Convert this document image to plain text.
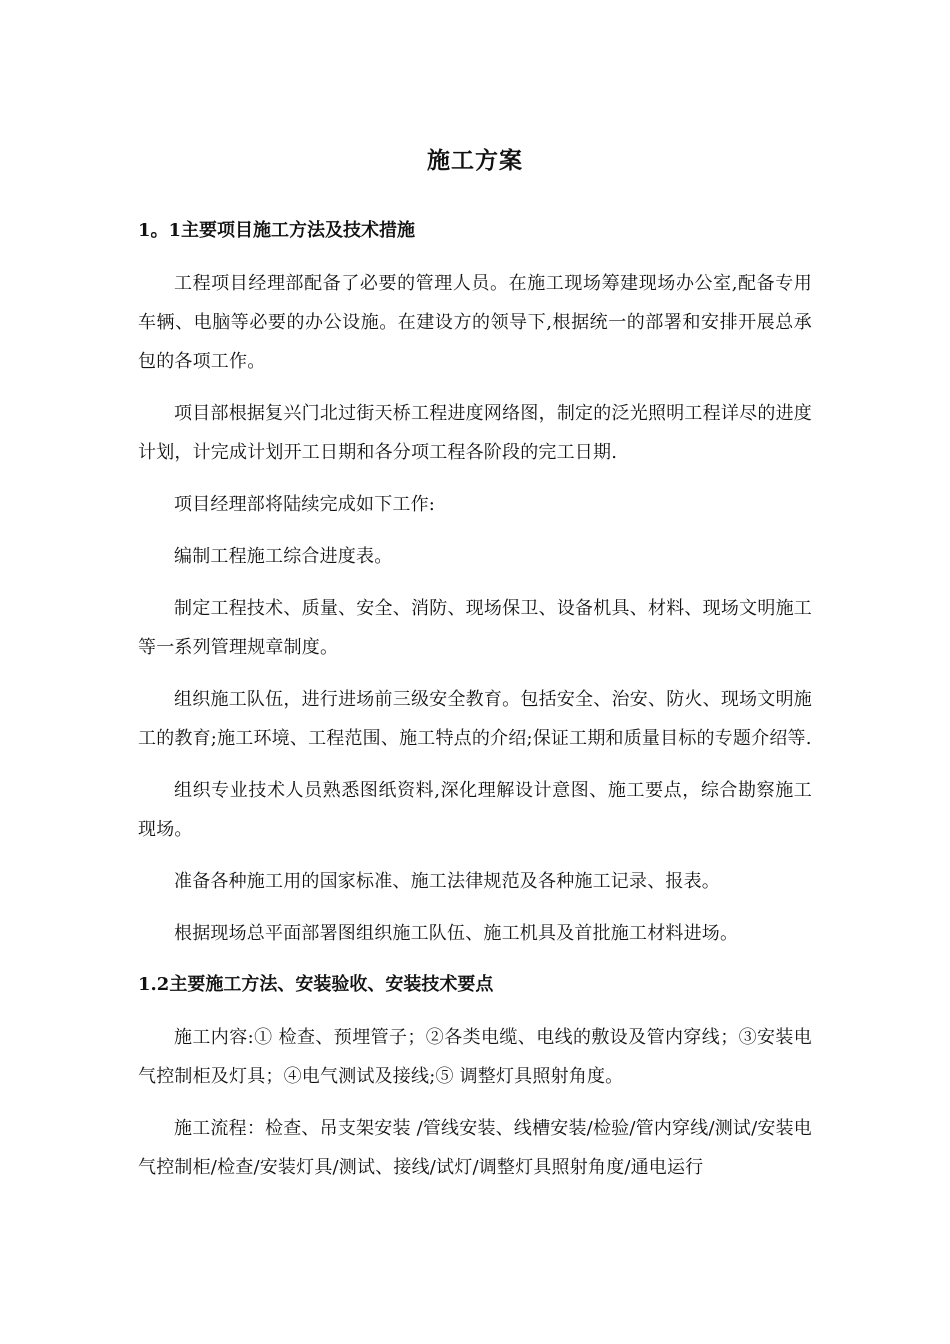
施工方案
1。1主要项目施工方法及技术措施

工程项目经理部配备了必要的管理人员。在施工现场筹建现场办公室,配备专用车辆、电脑等必要的办公设施。在建设方的领导下,根据统一的部署和安排开展总承包的各项工作。

项目部根据复兴门北过街天桥工程进度网络图，制定的泛光照明工程详尽的进度计划，计完成计划开工日期和各分项工程各阶段的完工日期.

项目经理部将陆续完成如下工作:

编制工程施工综合进度表。

制定工程技术、质量、安全、消防、现场保卫、设备机具、材料、现场文明施工等一系列管理规章制度。

组织施工队伍，进行进场前三级安全教育。包括安全、治安、防火、现场文明施工的教育;施工环境、工程范围、施工特点的介绍;保证工期和质量目标的专题介绍等.

组织专业技术人员熟悉图纸资料,深化理解设计意图、施工要点，综合勘察施工现场。

准备各种施工用的国家标准、施工法律规范及各种施工记录、报表。

根据现场总平面部署图组织施工队伍、施工机具及首批施工材料进场。

1.2主要施工方法、安装验收、安装技术要点

施工内容:① 检查、预埋管子；②各类电缆、电线的敷设及管内穿线；③安装电气控制柜及灯具；④电气测试及接线;⑤ 调整灯具照射角度。

施工流程：检查、吊支架安装 /管线安装、线槽安装/检验/管内穿线/测试/安装电气控制柜/检查/安装灯具/测试、接线/试灯/调整灯具照射角度/通电运行
